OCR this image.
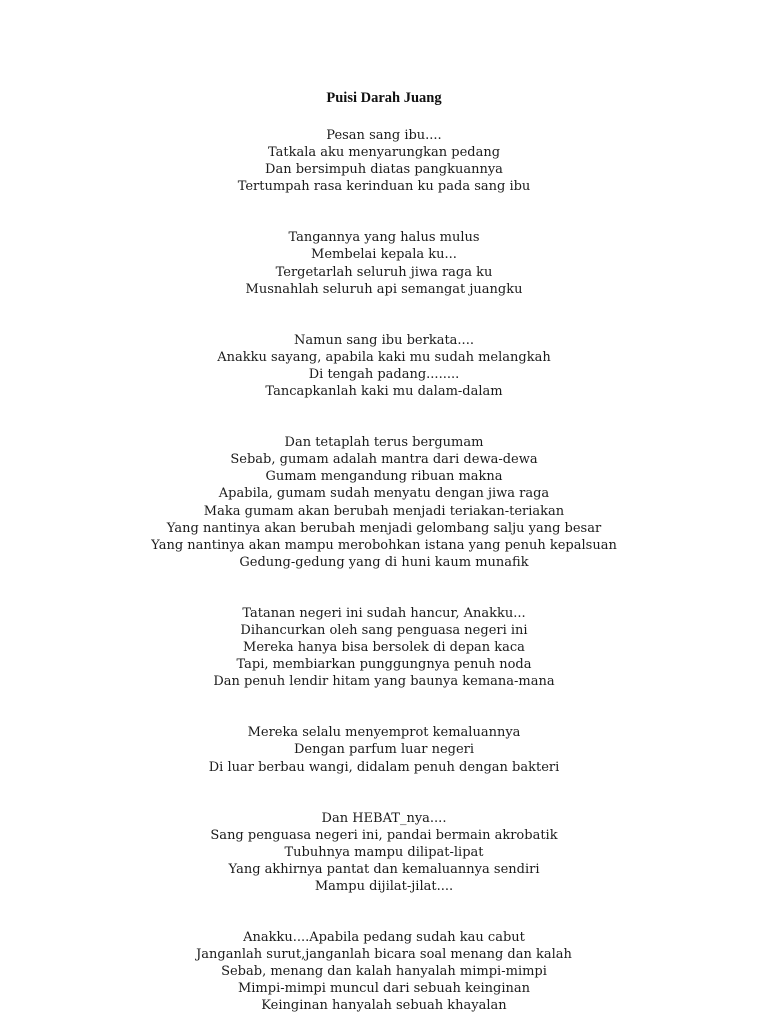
Puisi Darah Juang
Pesan sang ibu....
Tatkala aku menyarungkan pedang
Dan bersimpuh diatas pangkuannya
Tertumpah rasa kerinduan ku pada sang ibu
Tangannya yang halus mulus
Membelai kepala ku...
Tergetarlah seluruh jiwa raga ku
Musnahlah seluruh api semangat juangku
Namun sang ibu berkata....
Anakku sayang, apabila kaki mu sudah melangkah
Di tengah padang........
Tancapkanlah kaki mu dalam-dalam
Dan tetaplah terus bergumam
Sebab, gumam adalah mantra dari dewa-dewa
Gumam mengandung ribuan makna
Apabila, gumam sudah menyatu dengan jiwa raga
Maka gumam akan berubah menjadi teriakan-teriakan
Yang nantinya akan berubah menjadi gelombang salju yang besar
Yang nantinya akan mampu merobohkan istana yang penuh kepalsuan
Gedung-gedung yang di huni kaum munafik
Tatanan negeri ini sudah hancur, Anakku...
Dihancurkan oleh sang penguasa negeri ini
Mereka hanya bisa bersolek di depan kaca
Tapi, membiarkan punggungnya penuh noda
Dan penuh lendir hitam yang baunya kemana-mana
Mereka selalu menyemprot kemaluannya
Dengan parfum luar negeri
Di luar berbau wangi, didalam penuh dengan bakteri
Dan HEBAT_nya....
Sang penguasa negeri ini, pandai bermain akrobatik
Tubuhnya mampu dilipat-lipat
Yang akhirnya pantat dan kemaluannya sendiri
Mampu dijilat-jilat....
Anakku....Apabila pedang sudah kau cabut
Janganlah surut,janganlah bicara soal menang dan kalah
Sebab, menang dan kalah hanyalah mimpi-mimpi
Mimpi-mimpi muncul dari sebuah keinginan
Keinginan hanyalah sebuah khayalan
